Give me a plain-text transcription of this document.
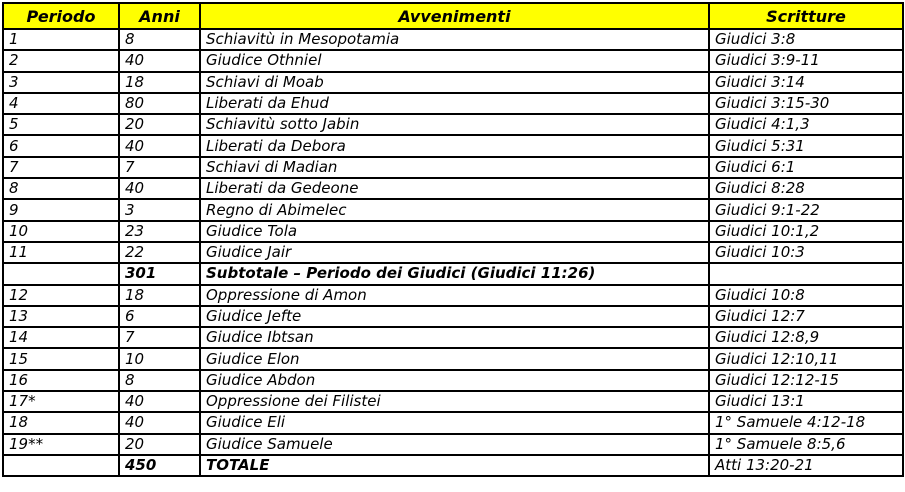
Periodo	Anni	Avvenimenti	Scritture
1	8	Schiavitù in Mesopotamia	Giudici 3:8
2	40	Giudice Othniel	Giudici 3:9-11
3	18	Schiavi di Moab	Giudici 3:14
4	80	Liberati da Ehud	Giudici 3:15-30
5	20	Schiavitù sotto Jabin	Giudici 4:1,3
6	40	Liberati da Debora	Giudici 5:31
7	7	Schiavi di Madian	Giudici 6:1
8	40	Liberati da Gedeone	Giudici 8:28
9	3	Regno di Abimelec	Giudici 9:1-22
10	23	Giudice Tola	Giudici 10:1,2
11	22	Giudice Jair	Giudici 10:3
	301	Subtotale – Periodo dei Giudici (Giudici 11:26)	
12	18	Oppressione di Amon	Giudici 10:8
13	6	Giudice Jefte	Giudici 12:7
14	7	Giudice Ibtsan	Giudici 12:8,9
15	10	Giudice Elon	Giudici 12:10,11
16	8	Giudice Abdon	Giudici 12:12-15
17*	40	Oppressione dei Filistei	Giudici 13:1
18	40	Giudice Eli	1° Samuele 4:12-18
19**	20	Giudice Samuele	1° Samuele 8:5,6
	450	TOTALE	Atti 13:20-21
